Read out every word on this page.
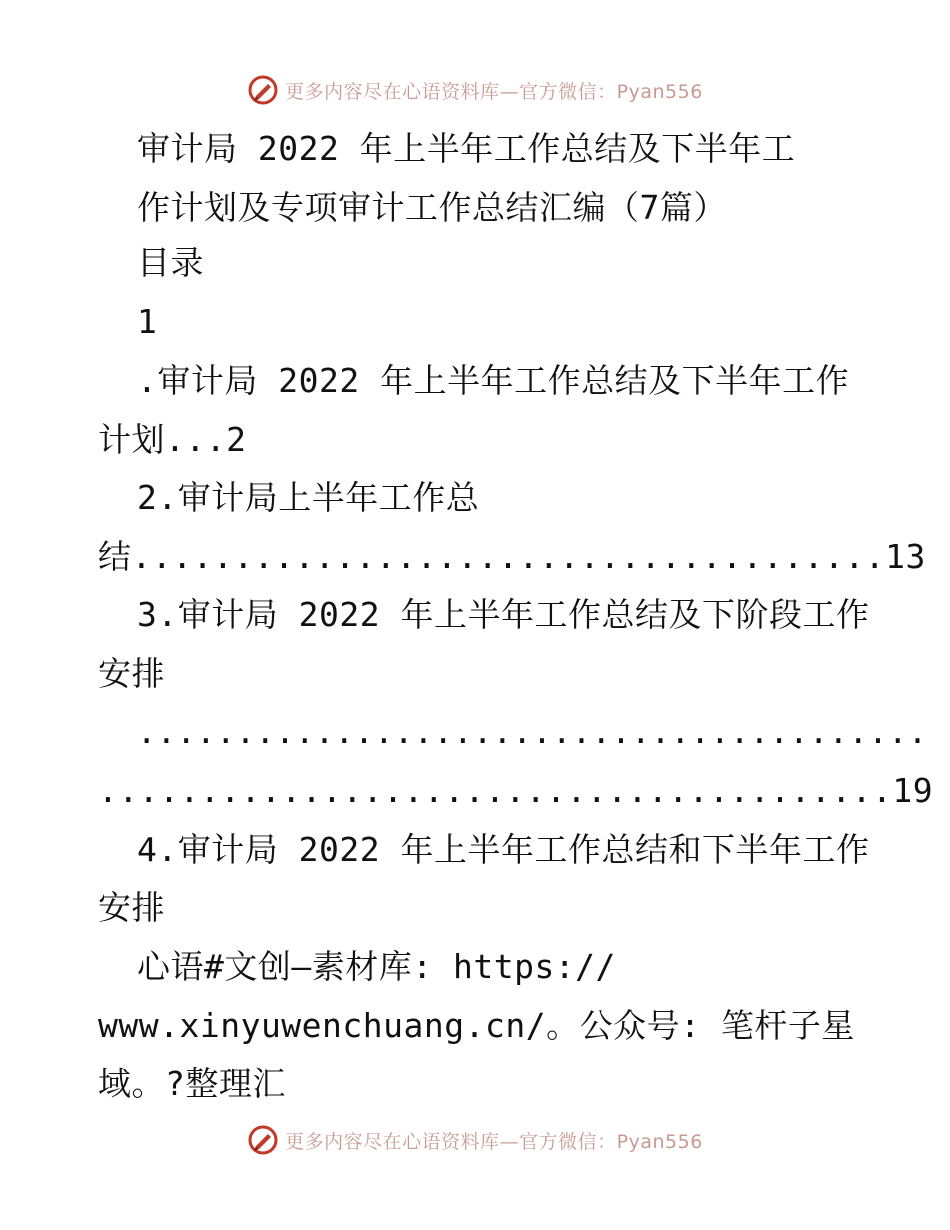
更多内容尽在心语资料库—官方微信：Pyan556

审计局 2022 年上半年工作总结及下半年工

作计划及专项审计工作总结汇编（7篇）

目录

1

.审计局 2022 年上半年工作总结及下半年工作

计划...2

2.审计局上半年工作总

结.....................................13

3.审计局 2022 年上半年工作总结及下阶段工作

安排

........................................

.......................................19

4.审计局 2022 年上半年工作总结和下半年工作

安排

心语#文创—素材库: https://

www.xinyuwenchuang.cn/。公众号: 笔杆子星

域。?整理汇

更多内容尽在心语资料库—官方微信：Pyan556
